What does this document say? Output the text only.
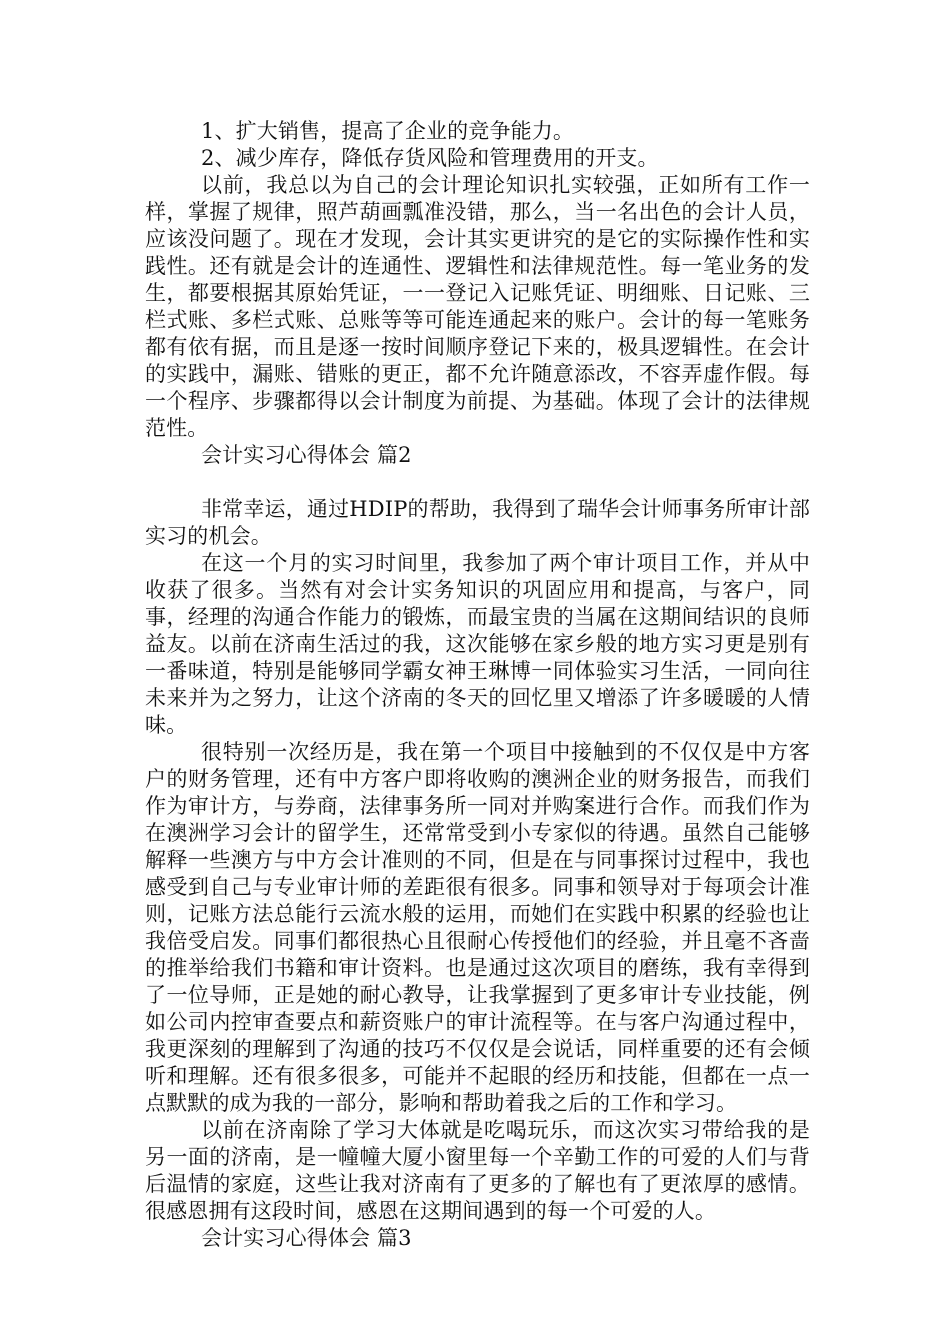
1、扩大销售，提高了企业的竞争能力。

2、减少库存，降低存货风险和管理费用的开支。

以前，我总以为自己的会计理论知识扎实较强，正如所有工作一样，掌握了规律，照芦葫画瓢准没错，那么，当一名出色的会计人员，应该没问题了。现在才发现，会计其实更讲究的是它的实际操作性和实践性。还有就是会计的连通性、逻辑性和法律规范性。每一笔业务的发生，都要根据其原始凭证，一一登记入记账凭证、明细账、日记账、三栏式账、多栏式账、总账等等可能连通起来的账户。会计的每一笔账务都有依有据，而且是逐一按时间顺序登记下来的，极具逻辑性。在会计的实践中，漏账、错账的更正，都不允许随意添改，不容弄虚作假。每一个程序、步骤都得以会计制度为前提、为基础。体现了会计的法律规范性。

会计实习心得体会 篇2

非常幸运，通过HDIP的帮助，我得到了瑞华会计师事务所审计部实习的机会。

在这一个月的实习时间里，我参加了两个审计项目工作，并从中收获了很多。当然有对会计实务知识的巩固应用和提高，与客户，同事，经理的沟通合作能力的锻炼，而最宝贵的当属在这期间结识的良师益友。以前在济南生活过的我，这次能够在家乡般的地方实习更是别有一番味道，特别是能够同学霸女神王琳博一同体验实习生活，一同向往未来并为之努力，让这个济南的冬天的回忆里又增添了许多暖暖的人情味。

很特别一次经历是，我在第一个项目中接触到的不仅仅是中方客户的财务管理，还有中方客户即将收购的澳洲企业的财务报告，而我们作为审计方，与券商，法律事务所一同对并购案进行合作。而我们作为在澳洲学习会计的留学生，还常常受到小专家似的待遇。虽然自己能够解释一些澳方与中方会计准则的不同，但是在与同事探讨过程中，我也感受到自己与专业审计师的差距很有很多。同事和领导对于每项会计准则，记账方法总能行云流水般的运用，而她们在实践中积累的经验也让我倍受启发。同事们都很热心且很耐心传授他们的经验，并且毫不吝啬的推举给我们书籍和审计资料。也是通过这次项目的磨练，我有幸得到了一位导师，正是她的耐心教导，让我掌握到了更多审计专业技能，例如公司内控审查要点和薪资账户的审计流程等。在与客户沟通过程中，我更深刻的理解到了沟通的技巧不仅仅是会说话，同样重要的还有会倾听和理解。还有很多很多，可能并不起眼的经历和技能，但都在一点一点默默的成为我的一部分，影响和帮助着我之后的工作和学习。

以前在济南除了学习大体就是吃喝玩乐，而这次实习带给我的是另一面的济南，是一幢幢大厦小窗里每一个辛勤工作的可爱的人们与背后温情的家庭，这些让我对济南有了更多的了解也有了更浓厚的感情。很感恩拥有这段时间，感恩在这期间遇到的每一个可爱的人。

会计实习心得体会 篇3
